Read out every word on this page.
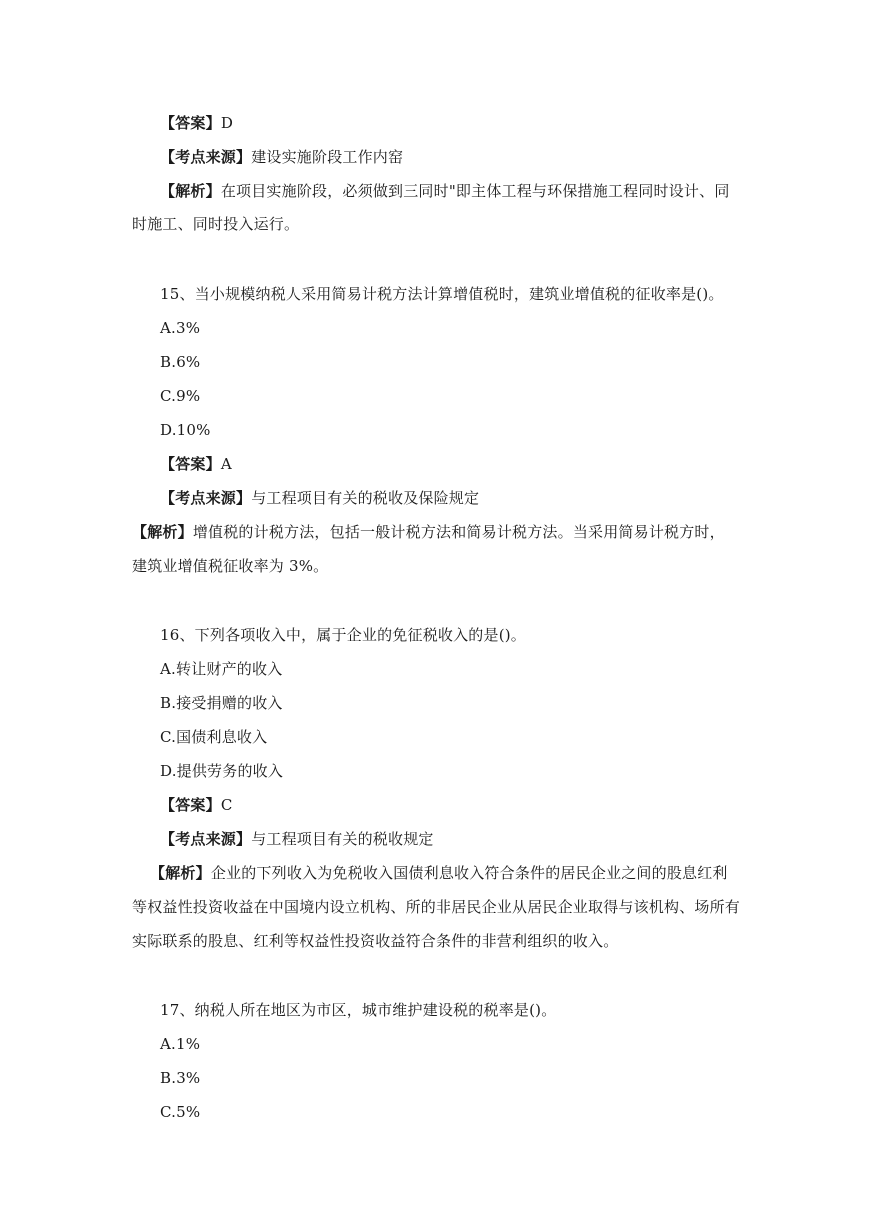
【答案】D
【考点来源】建设实施阶段工作内窑
【解析】在项目实施阶段，必须做到三同时"即主体工程与环保措施工程同时设计、同
时施工、同时投入运行。
15、当小规模纳税人采用简易计税方法计算增值税时，建筑业增值税的征收率是()。
A.3%
B.6%
C.9%
D.10%
【答案】A
【考点来源】与工程项目有关的税收及保险规定
【解析】增值税的计税方法，包括一般计税方法和简易计税方法。当采用简易计税方时，
建筑业增值税征收率为 3%。
16、下列各项收入中，属于企业的免征税收入的是()。
A.转让财产的收入
B.接受捐赠的收入
C.国债利息收入
D.提供劳务的收入
【答案】C
【考点来源】与工程项目有关的税收规定
【解析】企业的下列收入为免税收入国债利息收入符合条件的居民企业之间的股息红利
等权益性投资收益在中国境内设立机构、所的非居民企业从居民企业取得与该机构、场所有
实际联系的股息、红利等权益性投资收益符合条件的非营利组织的收入。
17、纳税人所在地区为市区，城市维护建设税的税率是()。
A.1%
B.3%
C.5%
